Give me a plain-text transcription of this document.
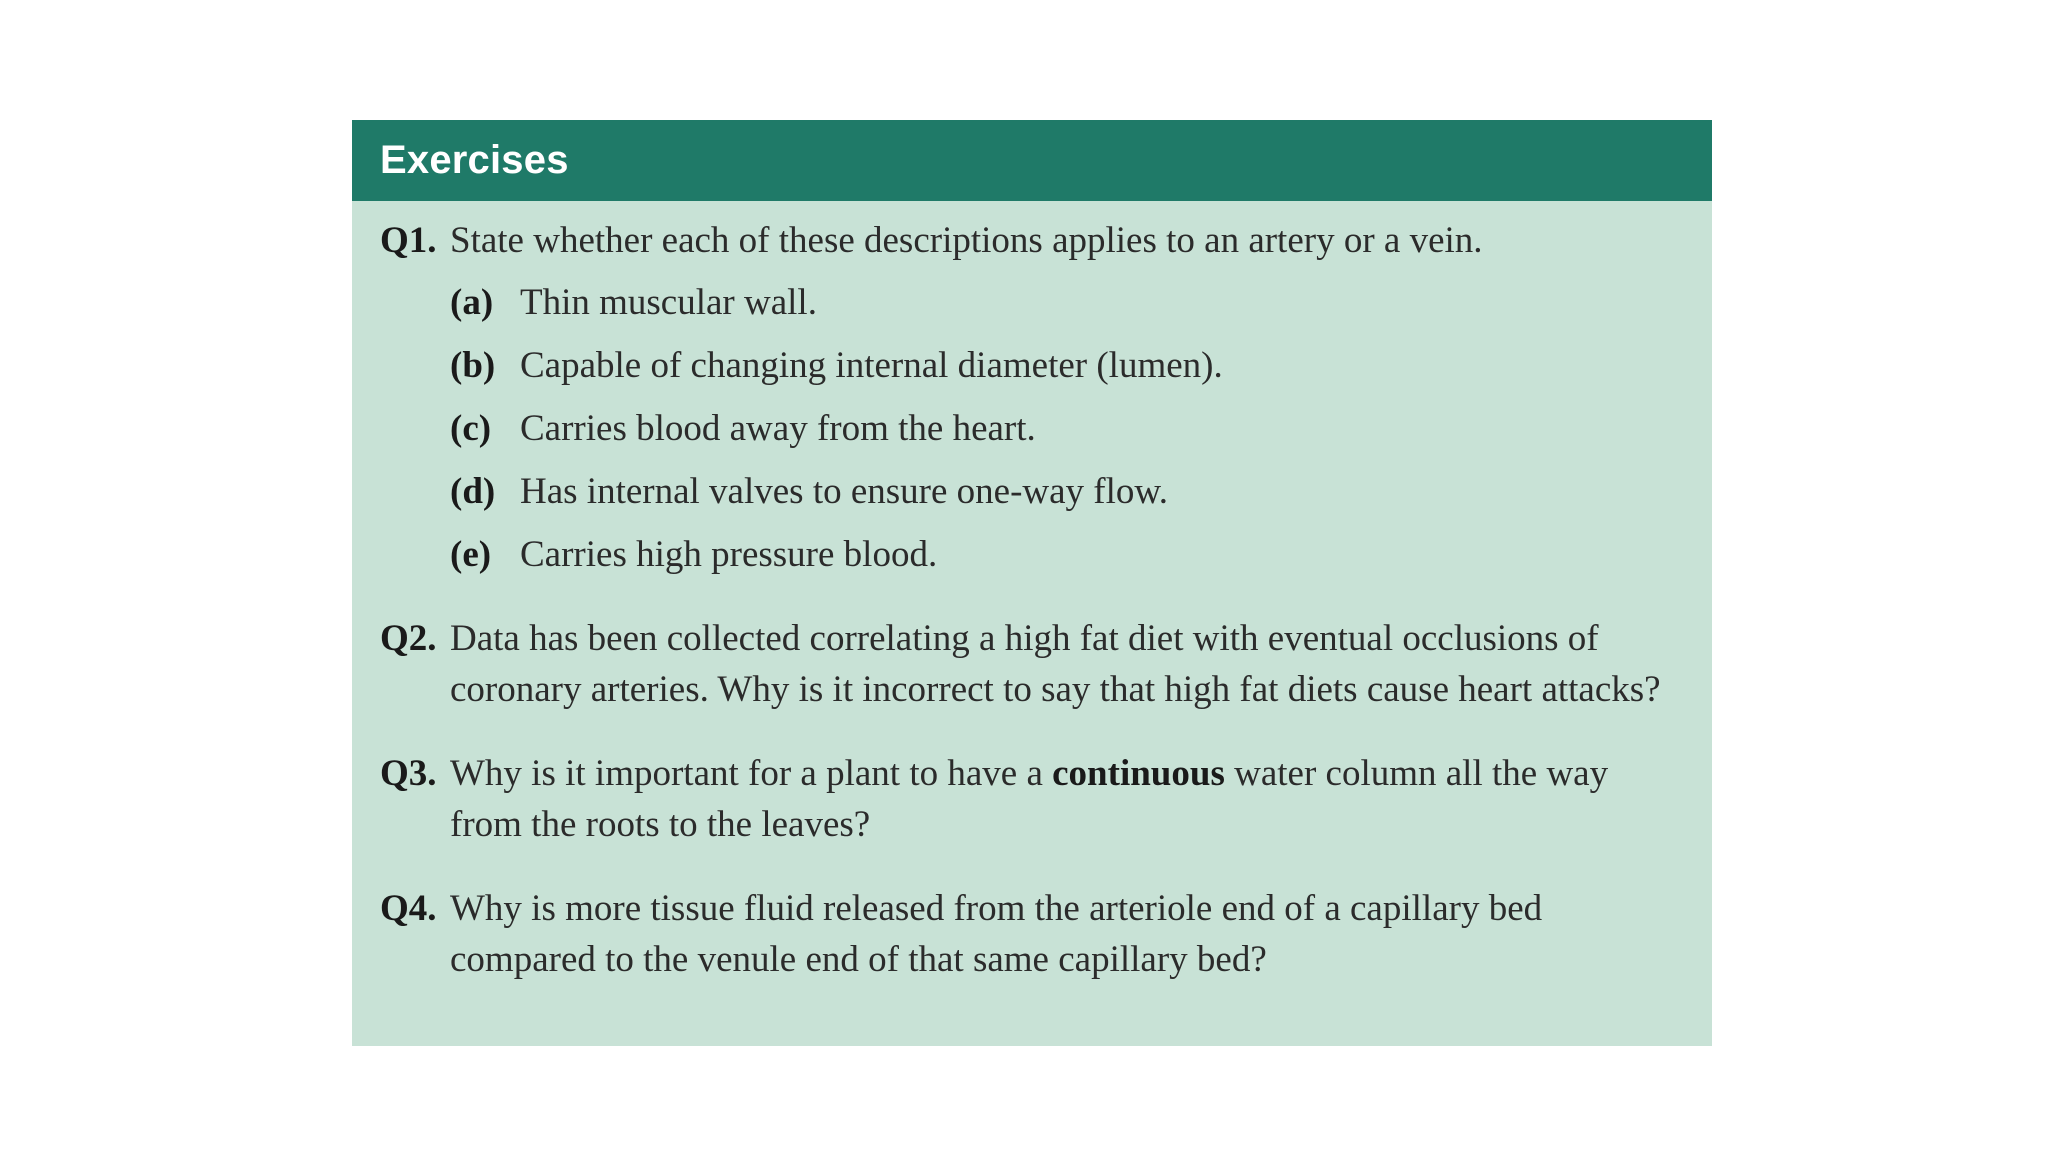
Exercises
Q1. State whether each of these descriptions applies to an artery or a vein.
(a) Thin muscular wall.
(b) Capable of changing internal diameter (lumen).
(c) Carries blood away from the heart.
(d) Has internal valves to ensure one-way flow.
(e) Carries high pressure blood.
Q2. Data has been collected correlating a high fat diet with eventual occlusions of coronary arteries. Why is it incorrect to say that high fat diets cause heart attacks?
Q3. Why is it important for a plant to have a continuous water column all the way from the roots to the leaves?
Q4. Why is more tissue fluid released from the arteriole end of a capillary bed compared to the venule end of that same capillary bed?
